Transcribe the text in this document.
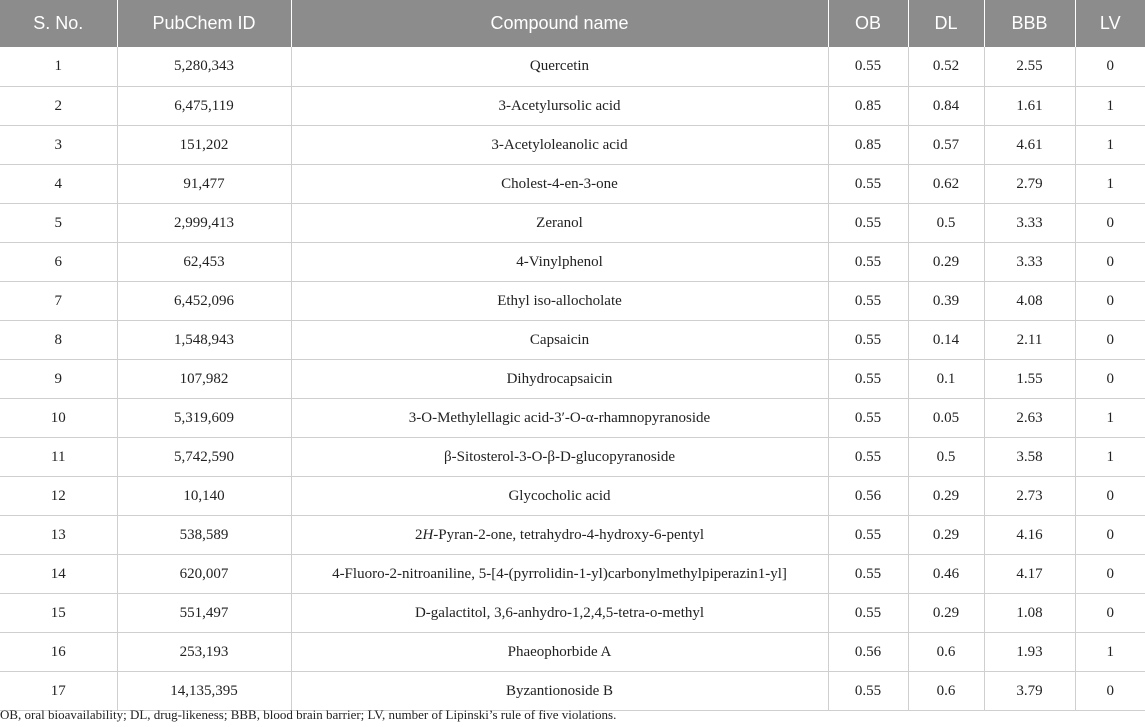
S. No.	PubChem ID	Compound name	OB	DL	BBB	LV
1	5,280,343	Quercetin	0.55	0.52	2.55	0
2	6,475,119	3-Acetylursolic acid	0.85	0.84	1.61	1
3	151,202	3-Acetyloleanolic acid	0.85	0.57	4.61	1
4	91,477	Cholest-4-en-3-one	0.55	0.62	2.79	1
5	2,999,413	Zeranol	0.55	0.5	3.33	0
6	62,453	4-Vinylphenol	0.55	0.29	3.33	0
7	6,452,096	Ethyl iso-allocholate	0.55	0.39	4.08	0
8	1,548,943	Capsaicin	0.55	0.14	2.11	0
9	107,982	Dihydrocapsaicin	0.55	0.1	1.55	0
10	5,319,609	3-O-Methylellagic acid-3′-O-α-rhamnopyranoside	0.55	0.05	2.63	1
11	5,742,590	β-Sitosterol-3-O-β-D-glucopyranoside	0.55	0.5	3.58	1
12	10,140	Glycocholic acid	0.56	0.29	2.73	0
13	538,589	2H-Pyran-2-one, tetrahydro-4-hydroxy-6-pentyl	0.55	0.29	4.16	0
14	620,007	4-Fluoro-2-nitroaniline, 5-[4-(pyrrolidin-1-yl)carbonylmethylpiperazin1-yl]	0.55	0.46	4.17	0
15	551,497	D-galactitol, 3,6-anhydro-1,2,4,5-tetra-o-methyl	0.55	0.29	1.08	0
16	253,193	Phaeophorbide A	0.56	0.6	1.93	1
17	14,135,395	Byzantionoside B	0.55	0.6	3.79	0
OB, oral bioavailability; DL, drug-likeness; BBB, blood brain barrier; LV, number of Lipinski’s rule of five violations.
